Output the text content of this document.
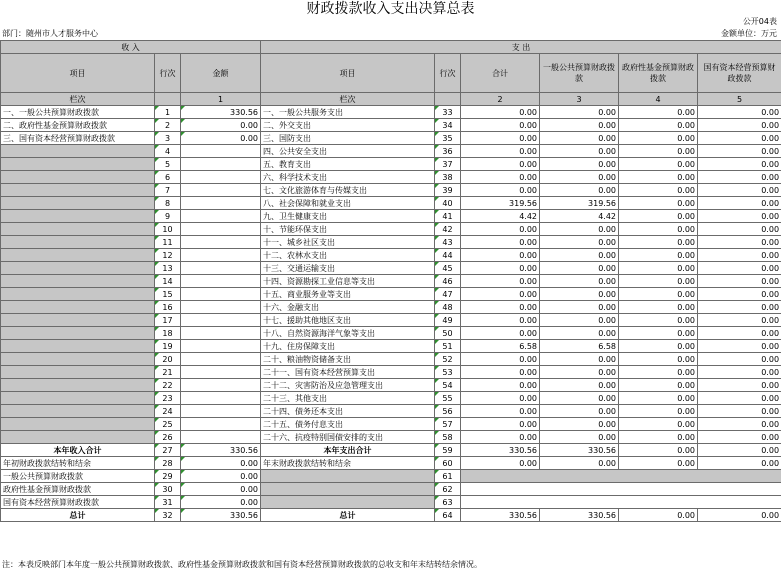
财政拨款收入支出决算总表
公开04表
部门：随州市人才服务中心	金额单位：万元
收 入			支 出					
项目	行次	金额	项目	行次	合计	一般公共预算财政拨款	政府性基金预算财政拨款	国有资本经营预算财政拨款
栏次		1	栏次		2	3	4	5
一、一般公共预算财政拨款	1	330.56	一、一般公共服务支出	33	0.00	0.00	0.00	0.00
二、政府性基金预算财政拨款	2	0.00	二、外交支出	34	0.00	0.00	0.00	0.00
三、国有资本经营预算财政拨款	3	0.00	三、国防支出	35	0.00	0.00	0.00	0.00
	4		四、公共安全支出	36	0.00	0.00	0.00	0.00
	5		五、教育支出	37	0.00	0.00	0.00	0.00
	6		六、科学技术支出	38	0.00	0.00	0.00	0.00
	7		七、文化旅游体育与传媒支出	39	0.00	0.00	0.00	0.00
	8		八、社会保障和就业支出	40	319.56	319.56	0.00	0.00
	9		九、卫生健康支出	41	4.42	4.42	0.00	0.00
	10		十、节能环保支出	42	0.00	0.00	0.00	0.00
	11		十一、城乡社区支出	43	0.00	0.00	0.00	0.00
	12		十二、农林水支出	44	0.00	0.00	0.00	0.00
	13		十三、交通运输支出	45	0.00	0.00	0.00	0.00
	14		十四、资源勘探工业信息等支出	46	0.00	0.00	0.00	0.00
	15		十五、商业服务业等支出	47	0.00	0.00	0.00	0.00
	16		十六、金融支出	48	0.00	0.00	0.00	0.00
	17		十七、援助其他地区支出	49	0.00	0.00	0.00	0.00
	18		十八、自然资源海洋气象等支出	50	0.00	0.00	0.00	0.00
	19		十九、住房保障支出	51	6.58	6.58	0.00	0.00
	20		二十、粮油物资储备支出	52	0.00	0.00	0.00	0.00
	21		二十一、国有资本经营预算支出	53	0.00	0.00	0.00	0.00
	22		二十二、灾害防治及应急管理支出	54	0.00	0.00	0.00	0.00
	23		二十三、其他支出	55	0.00	0.00	0.00	0.00
	24		二十四、债务还本支出	56	0.00	0.00	0.00	0.00
	25		二十五、债务付息支出	57	0.00	0.00	0.00	0.00
	26		二十六、抗疫特别国债安排的支出	58	0.00	0.00	0.00	0.00
本年收入合计	27	330.56	本年支出合计	59	330.56	330.56	0.00	0.00
年初财政拨款结转和结余	28	0.00	年末财政拨款结转和结余	60	0.00	0.00	0.00	0.00
一般公共预算财政拨款	29	0.00		61				
政府性基金预算财政拨款	30	0.00		62				
国有资本经营预算财政拨款	31	0.00		63				
总计	32	330.56	总计	64	330.56	330.56	0.00	0.00
注：本表反映部门本年度一般公共预算财政拨款、政府性基金预算财政拨款和国有资本经营预算财政拨款的总收支和年末结转结余情况。
